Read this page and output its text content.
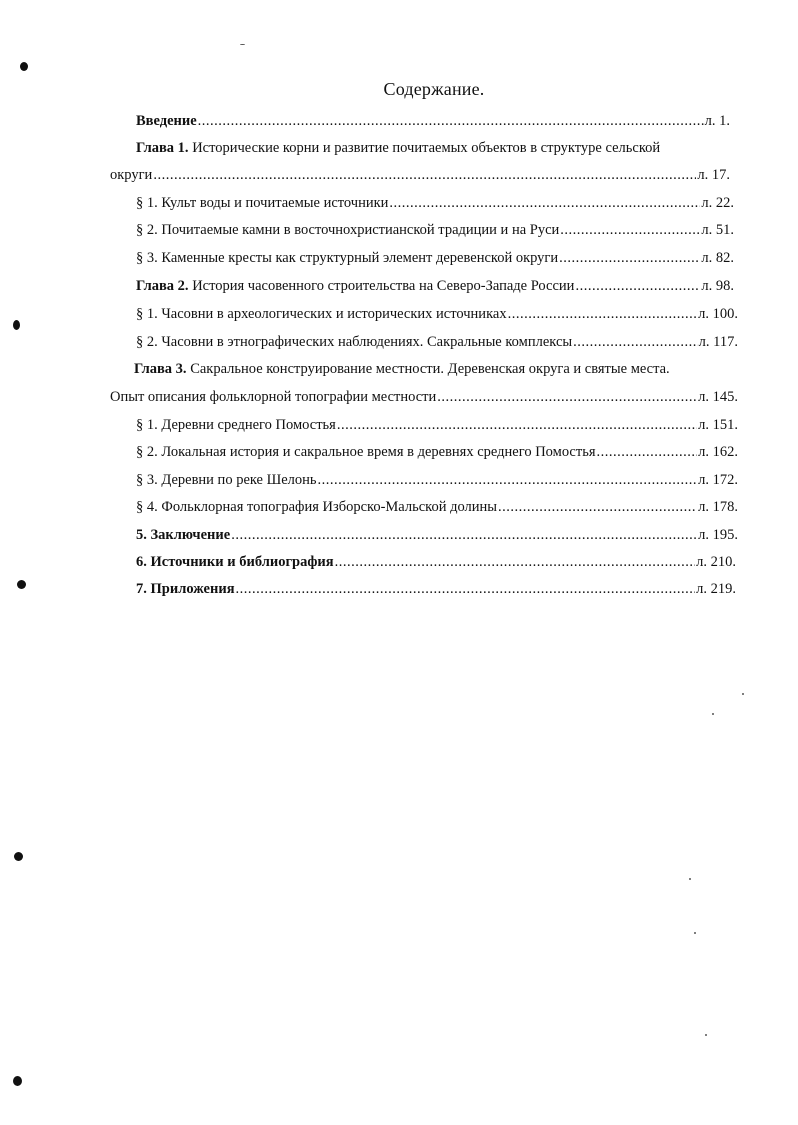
Содержание.
Введение .....	л. 1.
Глава 1. Исторические корни и развитие почитаемых объектов в структуре сельской
округи .....	л. 17.
§ 1. Культ воды и почитаемые источники .....	л. 22.
§ 2. Почитаемые камни в восточнохристианской традиции и на Руси .....	л. 51.
§ 3. Каменные кресты как структурный элемент деревенской округи .....	л. 82.
Глава 2. История часовенного строительства на Северо-Западе России .....	л. 98.
§ 1. Часовни в археологических и исторических источниках .....	л. 100.
§ 2. Часовни в этнографических наблюдениях. Сакральные комплексы .....	л. 117.
Глава 3. Сакральное конструирование местности. Деревенская округа и святые места.
Опыт описания фольклорной топографии местности .....	л. 145.
§ 1. Деревни среднего Помостья .....	л. 151.
§ 2. Локальная история и сакральное время в деревнях среднего Помостья .....	л. 162.
§ 3. Деревни по реке Шелонь .....	л. 172.
§ 4. Фольклорная топография Изборско-Мальской долины .....	л. 178.
5. Заключение .....	л. 195.
6. Источники и библиография .....	л. 210.
7. Приложения .....	л. 219.
